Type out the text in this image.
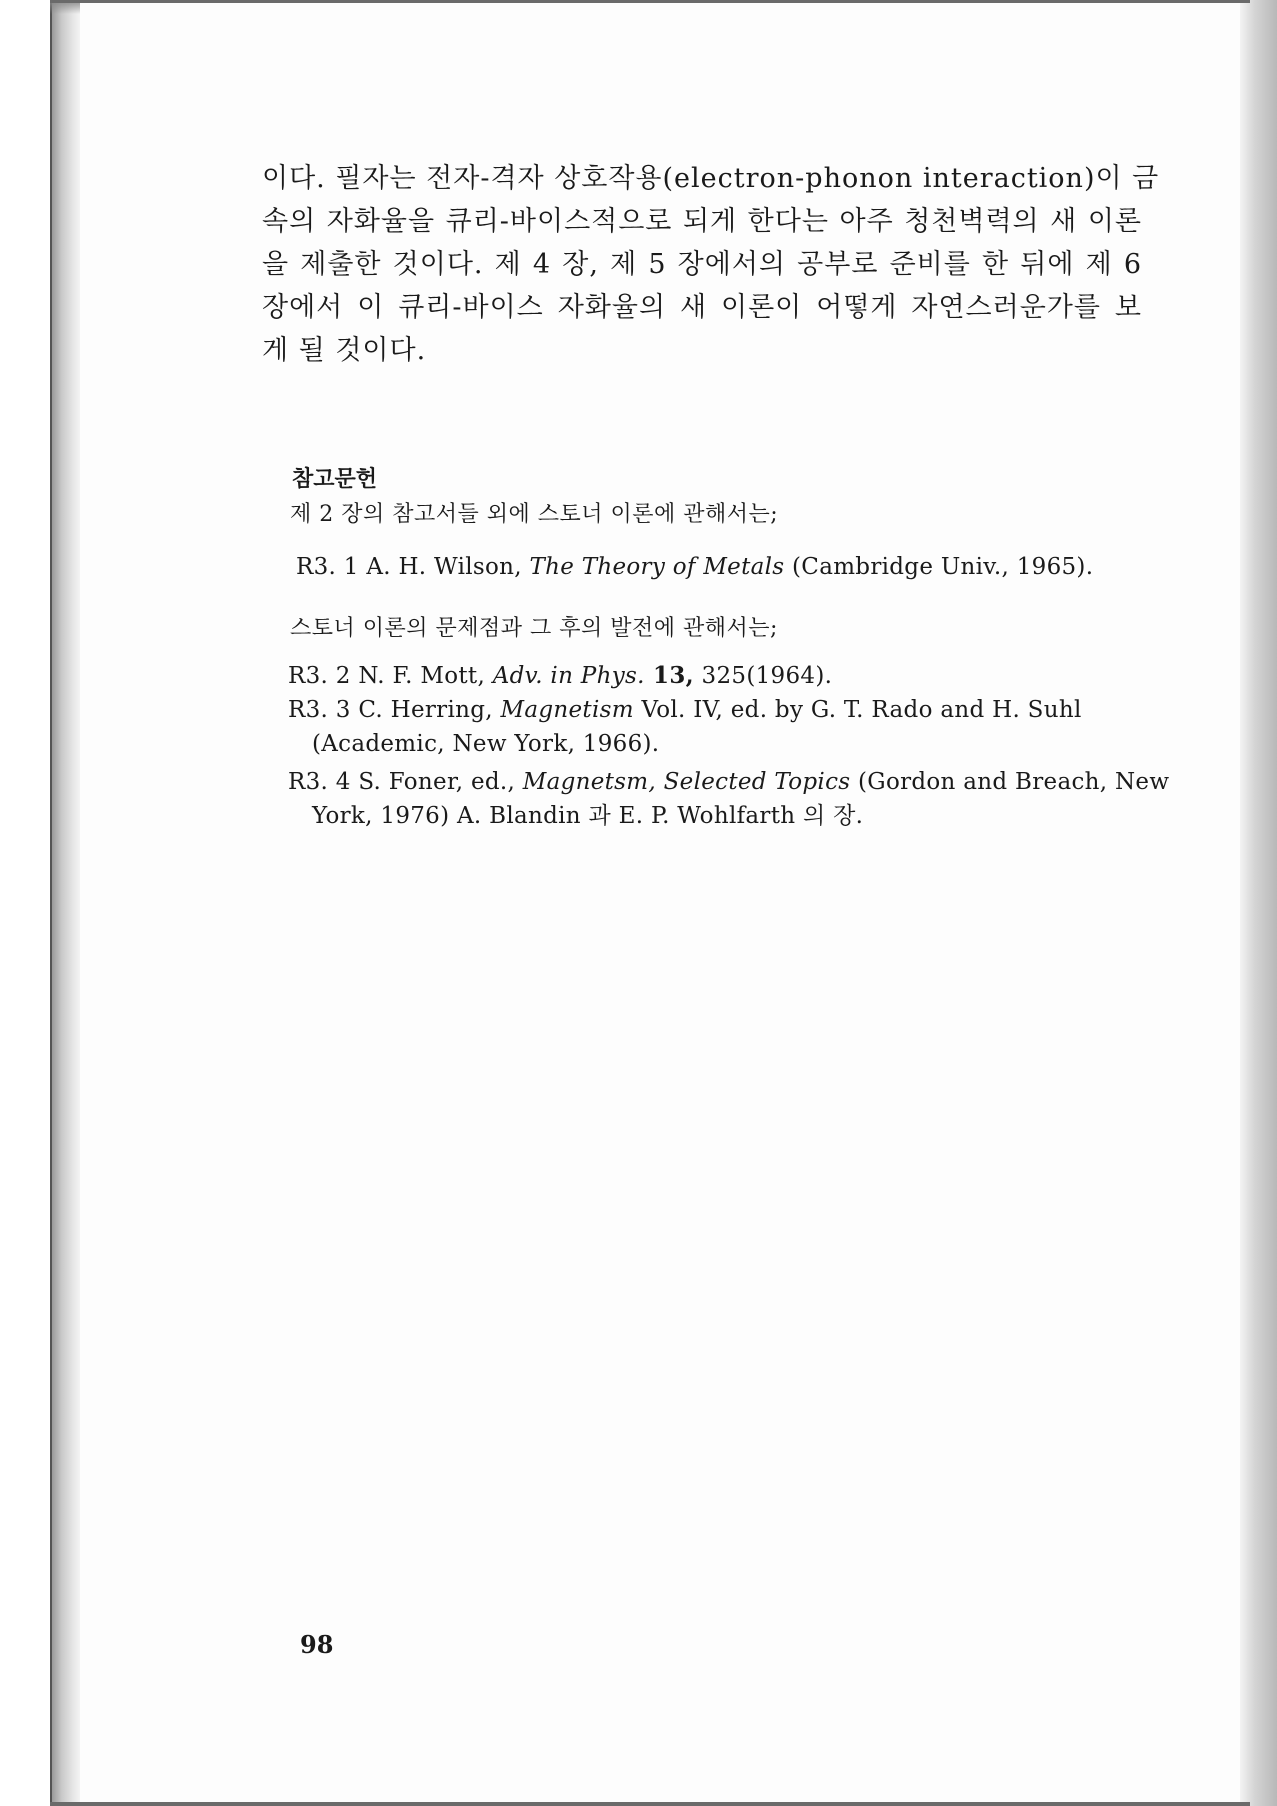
이다. 필자는 전자-격자 상호작용(electron-phonon interaction)이 금
속의 자화율을 큐리-바이스적으로 되게 한다는 아주 청천벽력의 새 이론
을 제출한 것이다. 제 4 장, 제 5 장에서의 공부로 준비를 한 뒤에 제 6
장에서 이 큐리-바이스 자화율의 새 이론이 어떻게 자연스러운가를 보
게 될 것이다.
참고문헌
제 2 장의 참고서들 외에 스토너 이론에 관해서는;
R3. 1 A. H. Wilson, The Theory of Metals (Cambridge Univ., 1965).
스토너 이론의 문제점과 그 후의 발전에 관해서는;
R3. 2 N. F. Mott, Adv. in Phys. 13, 325(1964).
R3. 3 C. Herring, Magnetism Vol. IV, ed. by G. T. Rado and H. Suhl
(Academic, New York, 1966).
R3. 4 S. Foner, ed., Magnetsm, Selected Topics (Gordon and Breach, New
York, 1976) A. Blandin 과 E. P. Wohlfarth 의 장.
98
